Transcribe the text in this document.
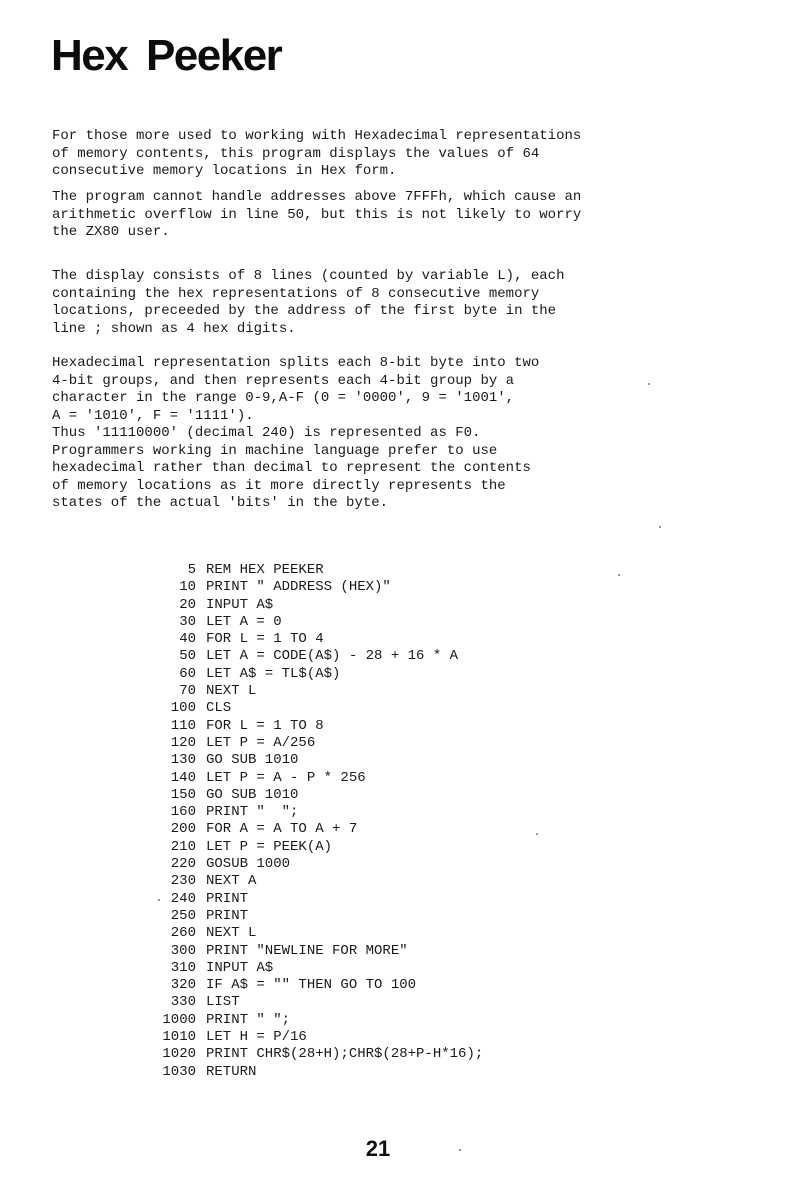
Hex Peeker

For those more used to working with Hexadecimal representations
of memory contents, this program displays the values of 64
consecutive memory locations in Hex form.

The program cannot handle addresses above 7FFFh, which cause an
arithmetic overflow in line 50, but this is not likely to worry
the ZX80 user.

The display consists of 8 lines (counted by variable L), each
containing the hex representations of 8 consecutive memory
locations, preceeded by the address of the first byte in the
line ; shown as 4 hex digits.

Hexadecimal representation splits each 8-bit byte into two
4-bit groups, and then represents each 4-bit group by a
character in the range 0-9,A-F (0 = '0000', 9 = '1001',
A = '1010', F = '1111').
Thus '11110000' (decimal 240) is represented as F0.
Programmers working in machine language prefer to use
hexadecimal rather than decimal to represent the contents
of memory locations as it more directly represents the
states of the actual 'bits' in the byte.

5 REM HEX PEEKER
10 PRINT " ADDRESS (HEX)"
20 INPUT A$
30 LET A = 0
40 FOR L = 1 TO 4
50 LET A = CODE(A$) - 28 + 16 * A
60 LET A$ = TL$(A$)
70 NEXT L
100 CLS
110 FOR L = 1 TO 8
120 LET P = A/256
130 GO SUB 1010
140 LET P = A - P * 256
150 GO SUB 1010
160 PRINT "  ";
200 FOR A = A TO A + 7
210 LET P = PEEK(A)
220 GOSUB 1000
230 NEXT A
240 PRINT
250 PRINT
260 NEXT L
300 PRINT "NEWLINE FOR MORE"
310 INPUT A$
320 IF A$ = "" THEN GO TO 100
330 LIST
1000 PRINT " ";
1010 LET H = P/16
1020 PRINT CHR$(28+H);CHR$(28+P-H*16);
1030 RETURN
21
